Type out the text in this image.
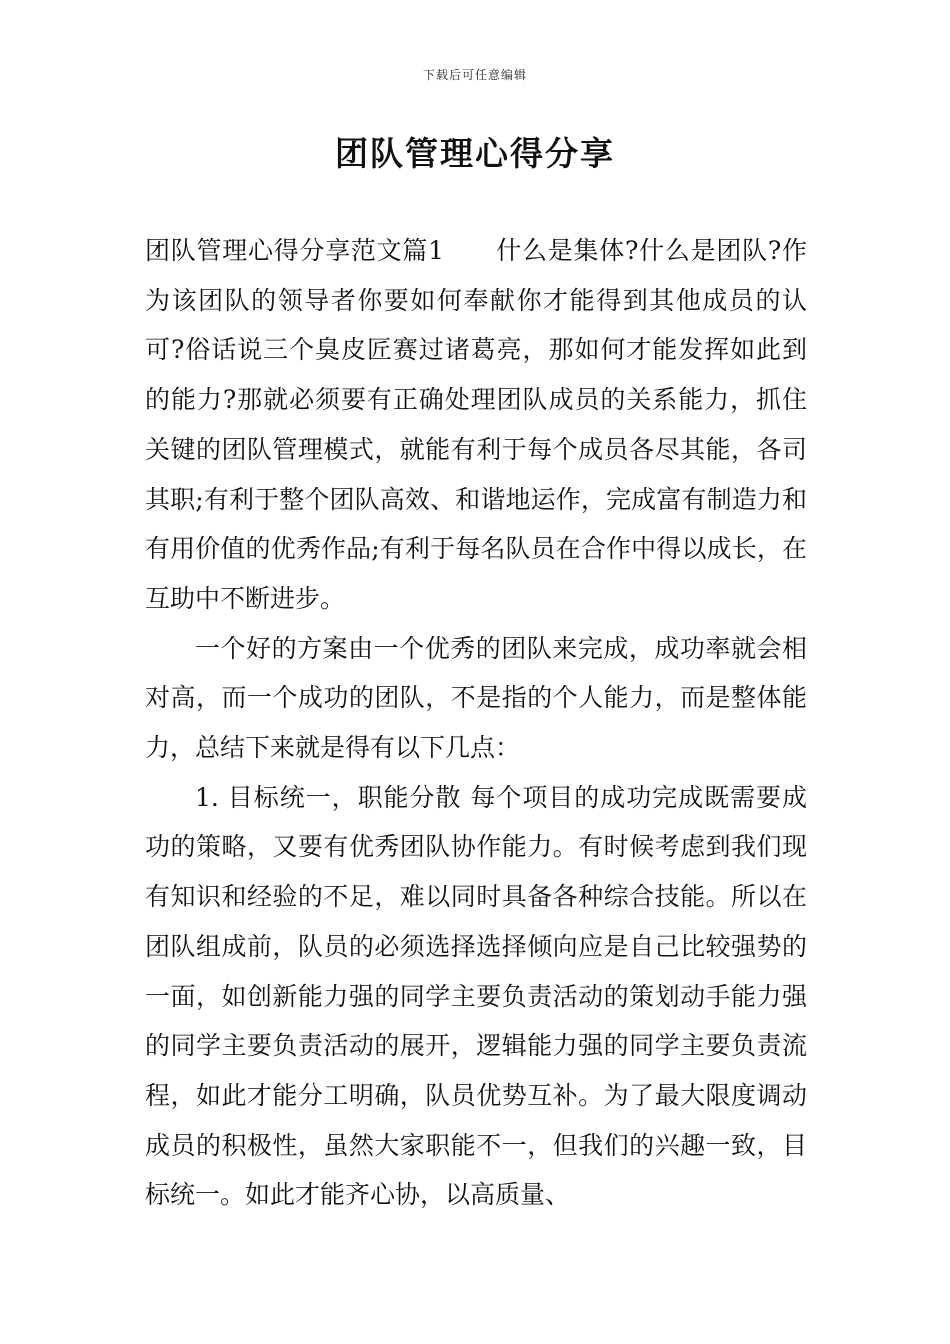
下载后可任意编辑
团队管理心得分享

团队管理心得分享范文篇1　　什么是集体?什么是团队?作为该团队的领导者你要如何奉献你才能得到其他成员的认可?俗话说三个臭皮匠赛过诸葛亮，那如何才能发挥如此到的能力?那就必须要有正确处理团队成员的关系能力，抓住关键的团队管理模式，就能有利于每个成员各尽其能，各司其职;有利于整个团队高效、和谐地运作，完成富有制造力和有用价值的优秀作品;有利于每名队员在合作中得以成长，在互助中不断进步。

一个好的方案由一个优秀的团队来完成，成功率就会相对高，而一个成功的团队，不是指的个人能力，而是整体能力，总结下来就是得有以下几点：

1. 目标统一，职能分散 每个项目的成功完成既需要成功的策略，又要有优秀团队协作能力。有时候考虑到我们现有知识和经验的不足，难以同时具备各种综合技能。所以在团队组成前，队员的必须选择选择倾向应是自己比较强势的一面，如创新能力强的同学主要负责活动的策划动手能力强的同学主要负责活动的展开，逻辑能力强的同学主要负责流程，如此才能分工明确，队员优势互补。为了最大限度调动成员的积极性，虽然大家职能不一，但我们的兴趣一致，目标统一。如此才能齐心协，以高质量、
